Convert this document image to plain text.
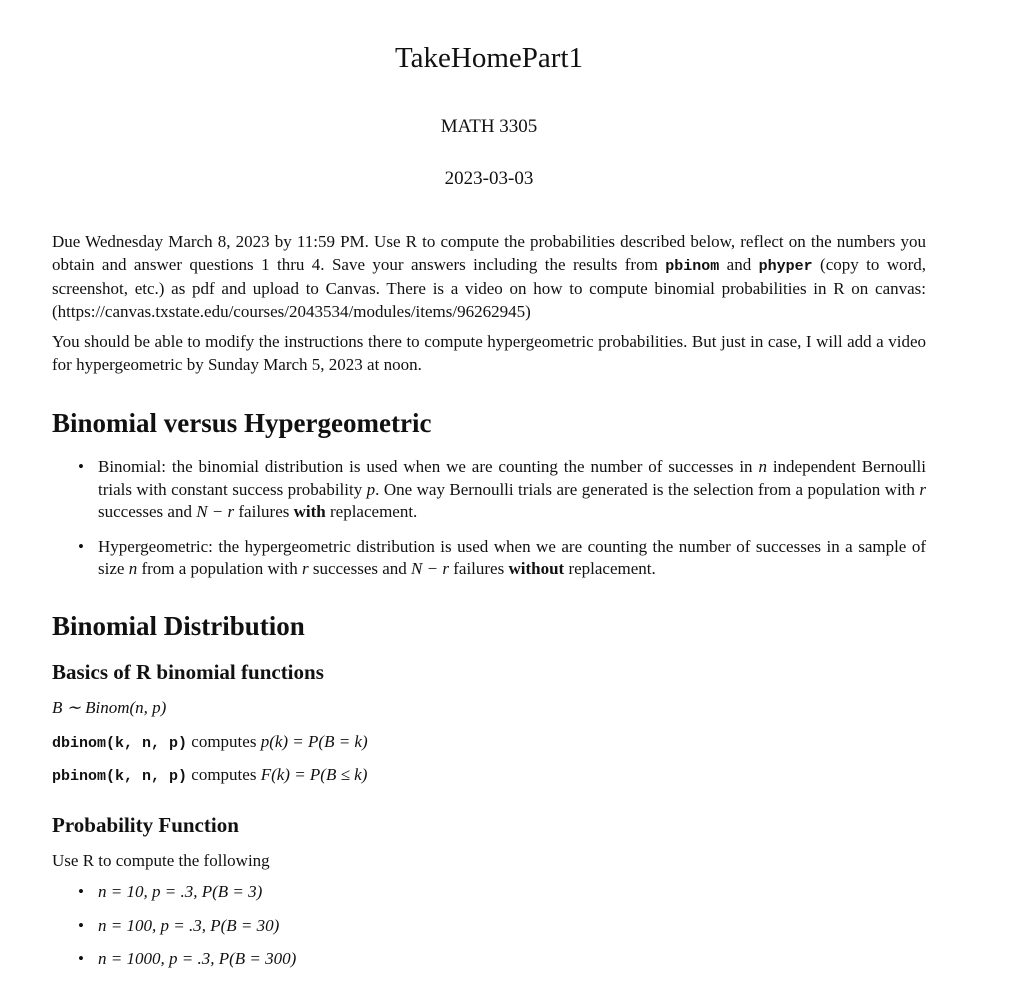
TakeHomePart1
MATH 3305
2023-03-03

Due Wednesday March 8, 2023 by 11:59 PM. Use R to compute the probabilities described below, reflect on the numbers you obtain and answer questions 1 thru 4. Save your answers including the results from pbinom and phyper (copy to word, screenshot, etc.) as pdf and upload to Canvas. There is a video on how to compute binomial probabilities in R on canvas: (https://canvas.txstate.edu/courses/2043534/modules/items/96262945)

You should be able to modify the instructions there to compute hypergeometric probabilities. But just in case, I will add a video for hypergeometric by Sunday March 5, 2023 at noon.

Binomial versus Hypergeometric
• Binomial: the binomial distribution is used when we are counting the number of successes in n independent Bernoulli trials with constant success probability p. One way Bernoulli trials are generated is the selection from a population with r successes and N − r failures with replacement.
• Hypergeometric: the hypergeometric distribution is used when we are counting the number of successes in a sample of size n from a population with r successes and N − r failures without replacement.
Binomial Distribution
Basics of R binomial functions
B ∼ Binom(n, p)
dbinom(k, n, p) computes p(k) = P(B = k)
pbinom(k, n, p) computes F(k) = P(B ≤ k)
Probability Function
Use R to compute the following
• n = 10, p = .3, P(B = 3)
• n = 100, p = .3, P(B = 30)
• n = 1000, p = .3, P(B = 300)
